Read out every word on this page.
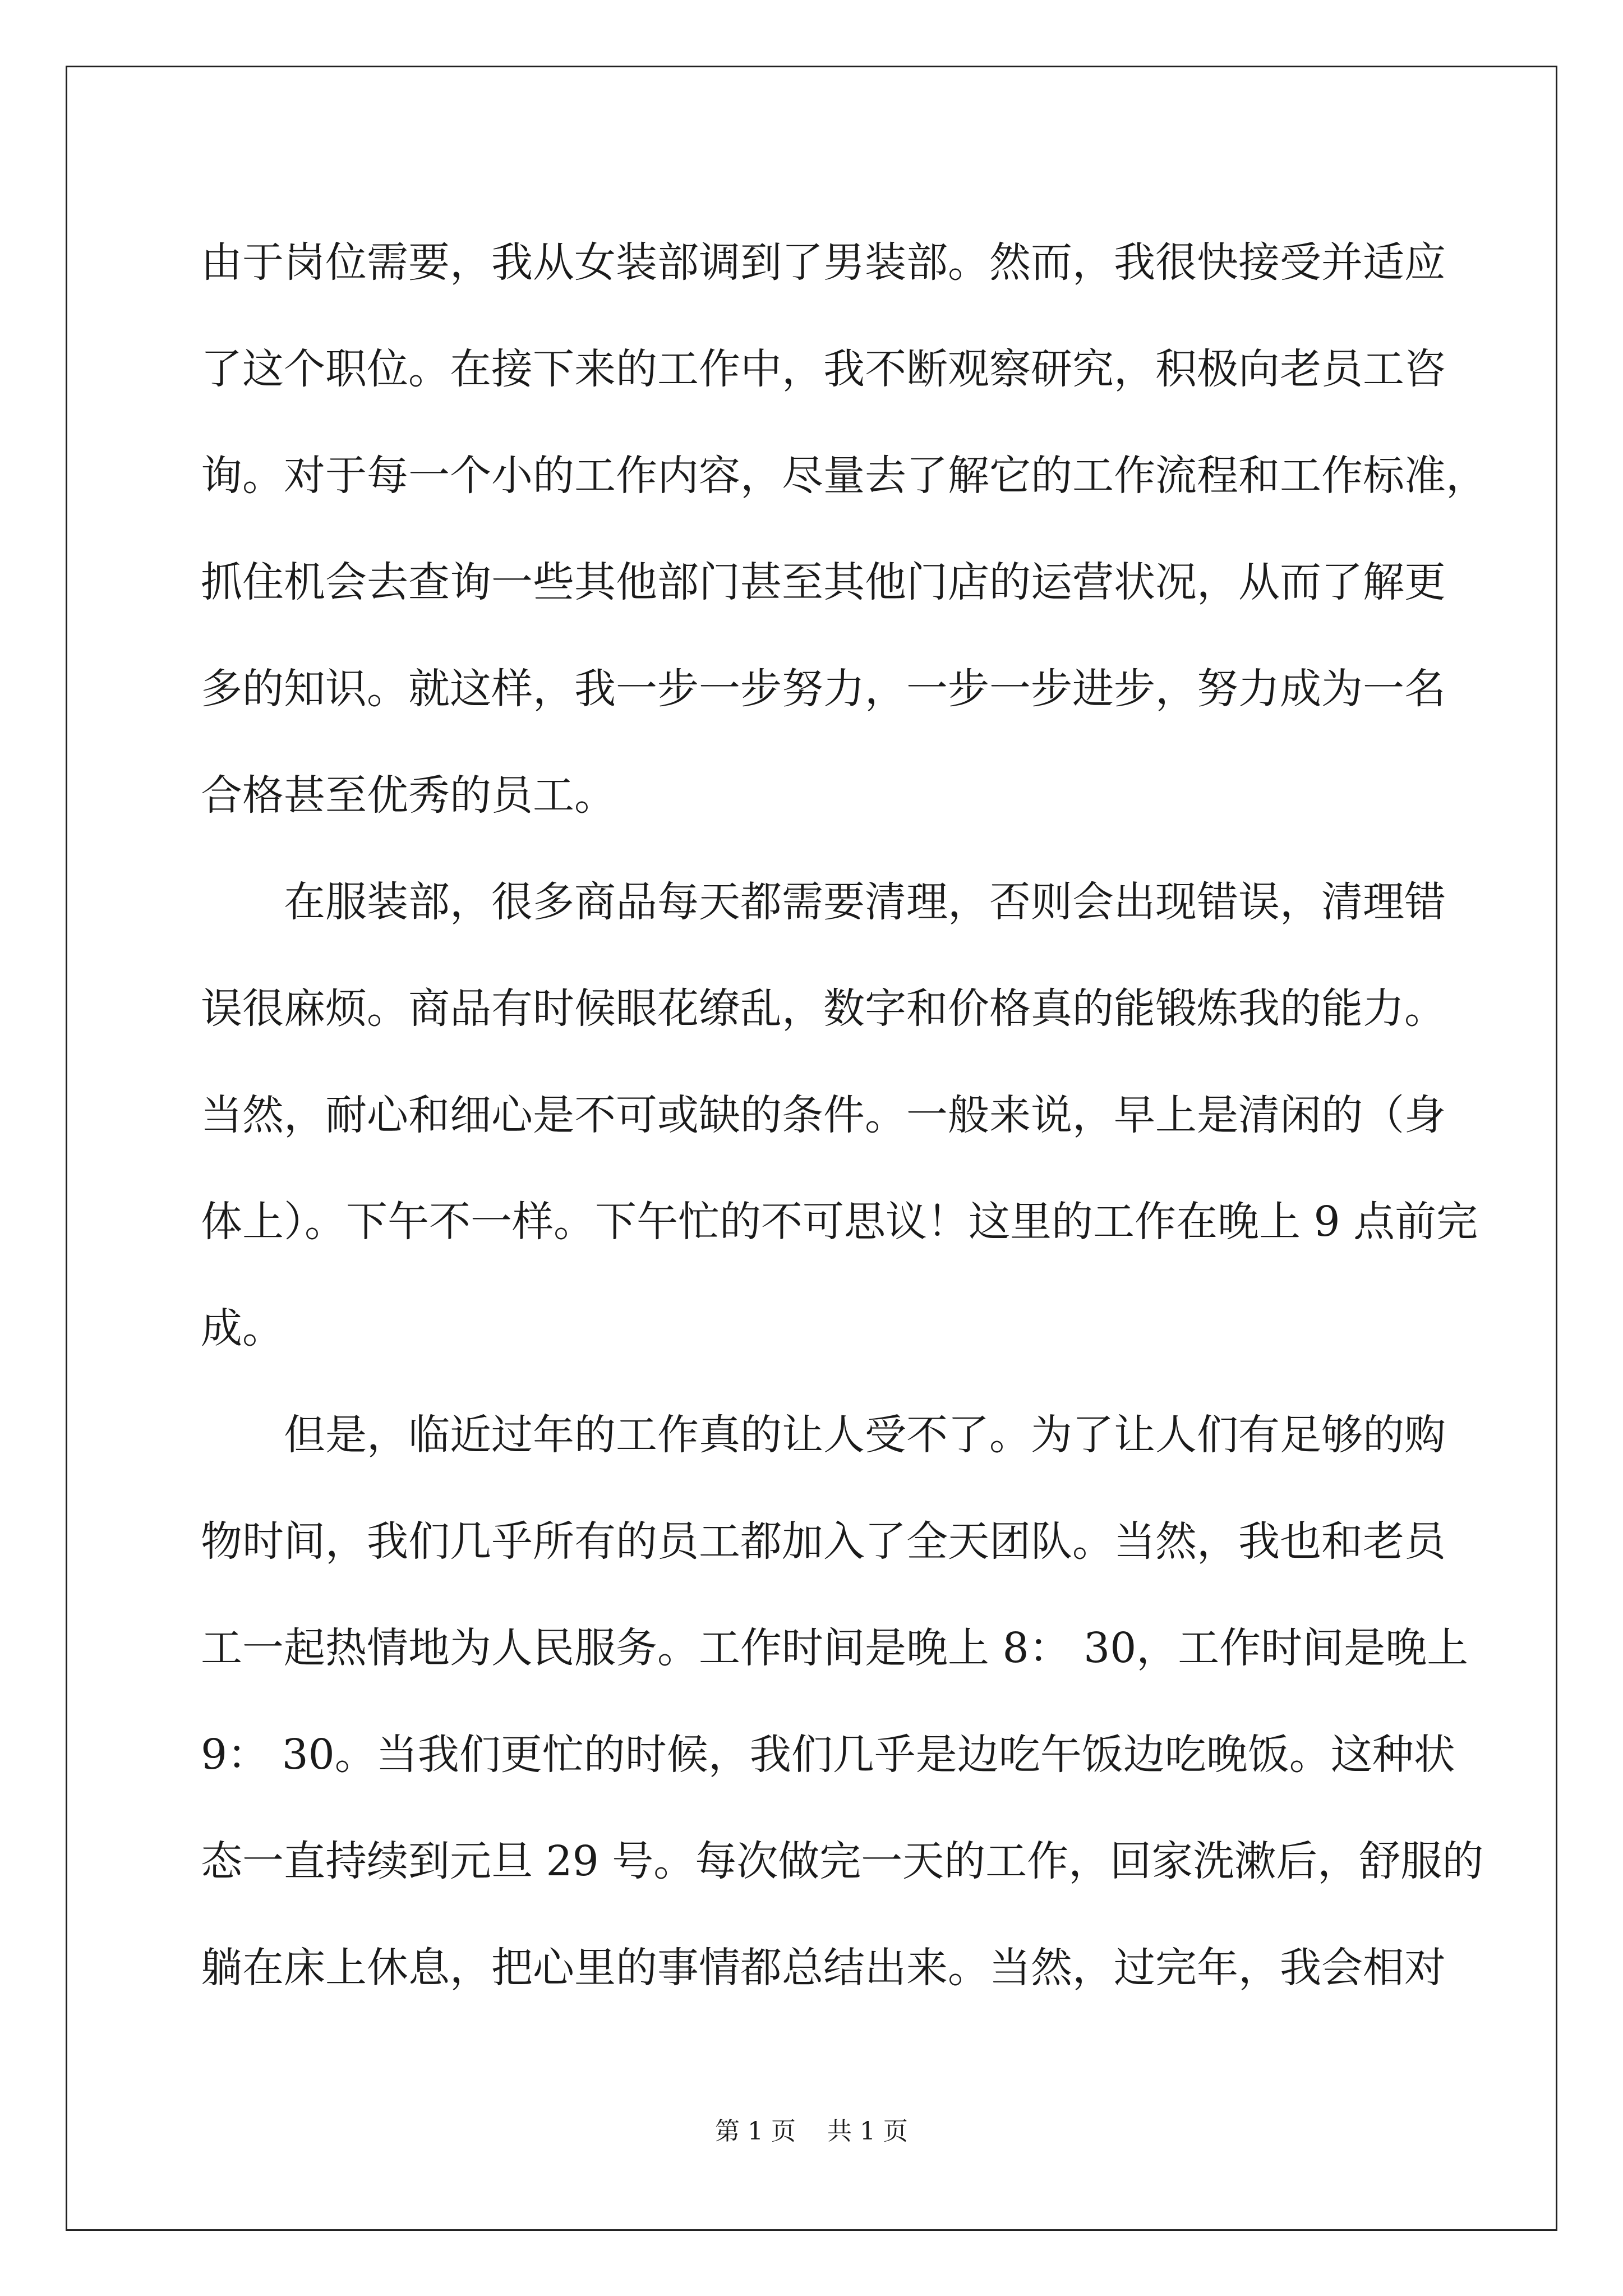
由于岗位需要，我从女装部调到了男装部。然而，我很快接受并适应
了这个职位。在接下来的工作中，我不断观察研究，积极向老员工咨
询。对于每一个小的工作内容，尽量去了解它的工作流程和工作标准，
抓住机会去查询一些其他部门甚至其他门店的运营状况，从而了解更
多的知识。就这样，我一步一步努力，一步一步进步，努力成为一名
合格甚至优秀的员工。
在服装部，很多商品每天都需要清理，否则会出现错误，清理错
误很麻烦。商品有时候眼花缭乱，数字和价格真的能锻炼我的能力。
当然，耐心和细心是不可或缺的条件。一般来说，早上是清闲的（身
体上）。下午不一样。下午忙的不可思议！这里的工作在晚上 9 点前完
成。
但是，临近过年的工作真的让人受不了。为了让人们有足够的购
物时间，我们几乎所有的员工都加入了全天团队。当然，我也和老员
工一起热情地为人民服务。工作时间是晚上 8： 30，工作时间是晚上
9： 30。当我们更忙的时候，我们几乎是边吃午饭边吃晚饭。这种状
态一直持续到元旦 29 号。每次做完一天的工作，回家洗漱后，舒服的
躺在床上休息，把心里的事情都总结出来。当然，过完年，我会相对
第 1 页    共 1 页
